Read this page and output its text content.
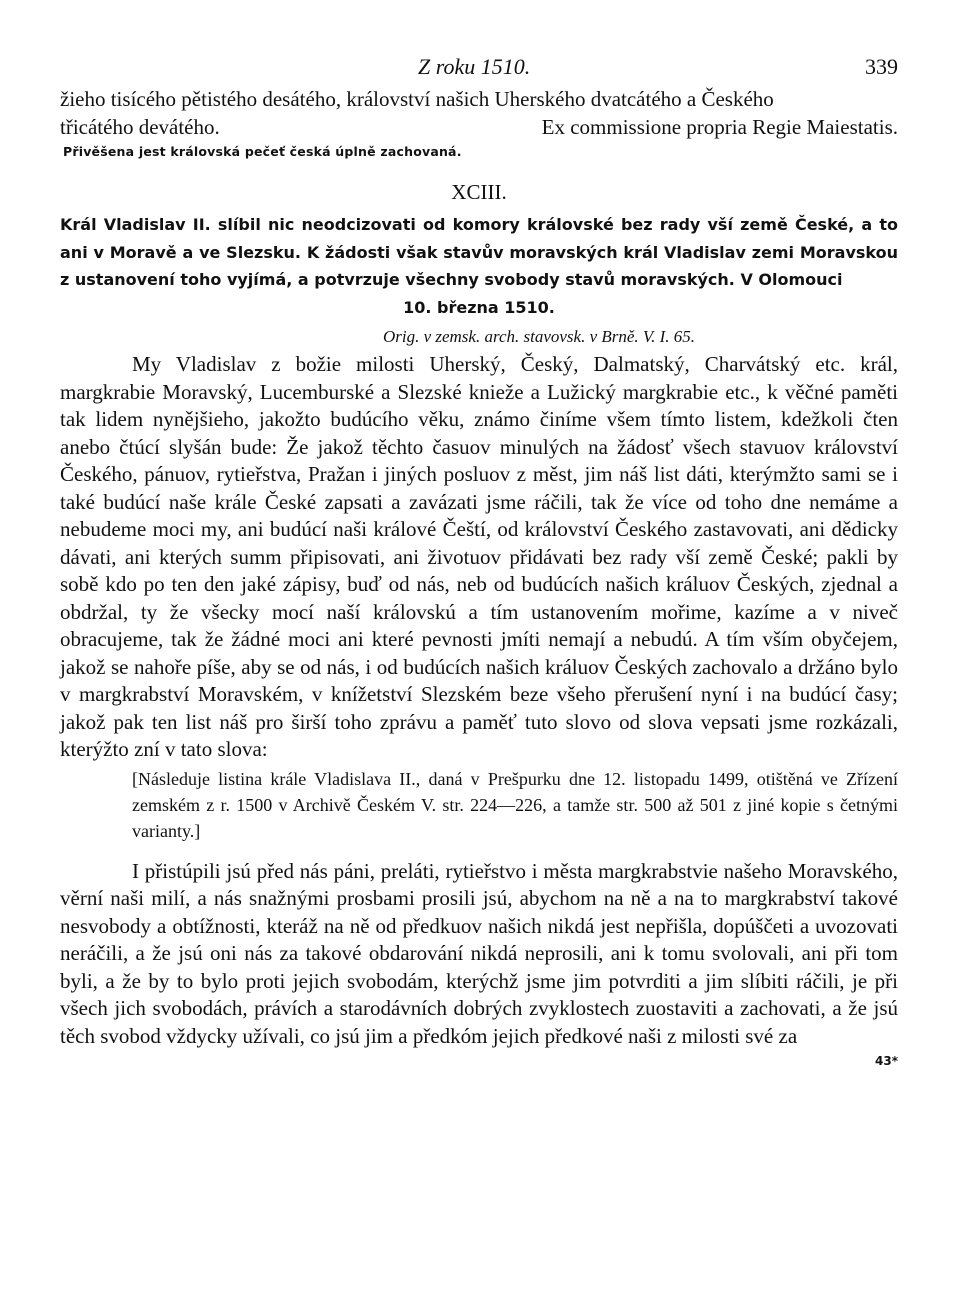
Z roku 1510.	339
žieho tisícého pětistého desátého, království našich Uherského dvatcátého a Českého
třicátého devátého.	Ex commissione propria Regie Maiestatis.
Přivěšena jest královská pečeť česká úplně zachovaná.
XCIII.
Král Vladislav II. slíbil nic neodcizovati od komory královské bez rady vší země České, a to ani v Moravě a ve Slezsku. K žádosti však stavův moravských král Vladislav zemi Moravskou z ustanovení toho vyjímá, a potvrzuje všechny svobody stavů moravských. V Olomouci
10. března 1510.
Orig. v zemsk. arch. stavovsk. v Brně. V. I. 65.
My Vladislav z božie milosti Uherský, Český, Dalmatský, Charvátský etc. král, margkrabie Moravský, Lucemburské a Slezské knieže a Lužický margkrabie etc., k věčné paměti tak lidem nynějšieho, jakožto budúcího věku, známo činíme všem tímto listem, kdežkoli čten anebo čtúcí slyšán bude: Že jakož těchto časuov minulých na žádosť všech stavuov království Českého, pánuov, rytieřstva, Pražan i jiných posluov z měst, jim náš list dáti, kterýmžto sami se i také budúcí naše krále České zapsati a zavázati jsme ráčili, tak že více od toho dne nemáme a nebudeme moci my, ani budúcí naši králové Čeští, od království Českého zastavovati, ani dědicky dávati, ani kterých summ připisovati, ani životuov přidávati bez rady vší země České; pakli by sobě kdo po ten den jaké zápisy, buď od nás, neb od budúcích našich králuov Českých, zjednal a obdržal, ty že všecky mocí naší královskú a tím ustanovením mořime, kazíme a v niveč obracujeme, tak že žádné moci ani které pevnosti jmíti nemají a nebudú. A tím vším obyčejem, jakož se nahoře píše, aby se od nás, i od budúcích našich králuov Českých zachovalo a držáno bylo v margkrabství Moravském, v knížetství Slezském beze všeho přerušení nyní i na budúcí časy; jakož pak ten list náš pro širší toho zprávu a paměť tuto slovo od slova vepsati jsme rozkázali, kterýžto zní v tato slova:
[Následuje listina krále Vladislava II., daná v Prešpurku dne 12. listopadu 1499, otištěná ve Zřízení zemském z r. 1500 v Archivě Českém V. str. 224—226, a tamže str. 500 až 501 z jiné kopie s četnými varianty.]
I přistúpili jsú před nás páni, preláti, rytieřstvo i města margkrabstvie našeho Moravského, věrní naši milí, a nás snažnými prosbami prosili jsú, abychom na ně a na to margkrabství takové nesvobody a obtížnosti, kteráž na ně od předkuov našich nikdá jest nepřišla, dopúščeti a uvozovati neráčili, a že jsú oni nás za takové obdarování nikdá neprosili, ani k tomu svolovali, ani při tom byli, a že by to bylo proti jejich svobodám, kterýchž jsme jim potvrditi a jim slíbiti ráčili, je při všech jich svobodách, právích a starodávních dobrých zvyklostech zuostaviti a zachovati, a že jsú těch svobod vždycky užívali, co jsú jim a předkóm jejich předkové naši z milosti své za
43*
